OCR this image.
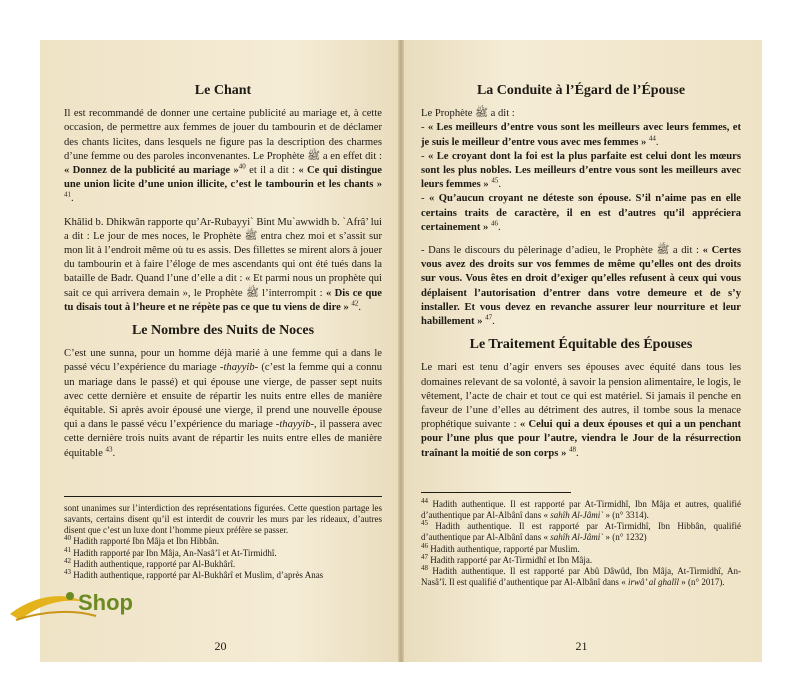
Le Chant

Il est recommandé de donner une certaine publicité au mariage et, à cette occasion, de permettre aux femmes de jouer du tambourin et de déclamer des chants licites, dans lesquels ne figure pas la description des charmes d’une femme ou des paroles inconvenantes. Le Prophète ﷺ a en effet dit : « Donnez de la publicité au mariage »$^{40}$ et il a dit : « Ce qui distingue une union licite d’une union illicite, c’est le tambourin et les chants » $^{41}$.

Khâlid b. Dhikwân rapporte qu’Ar-Rubayyi` Bint Mu`awwidh b. `Afrâ’ lui a dit : Le jour de mes noces, le Prophète ﷺ entra chez moi et s’assit sur mon lit à l’endroit même où tu es assis. Des fillettes se mirent alors à jouer du tambourin et à faire l’éloge de mes ascendants qui ont été tués dans la bataille de Badr. Quand l’une d’elle a dit : « Et parmi nous un prophète qui sait ce qui arrivera demain », le Prophète ﷺ l’interrompit : « Dis ce que tu disais tout à l’heure et ne répète pas ce que tu viens de dire » $^{42}$.

Le Nombre des Nuits de Noces

C’est une sunna, pour un homme déjà marié à une femme qui a dans le passé vécu l’expérience du mariage -thayyib- (c’est la femme qui a connu un mariage dans le passé) et qui épouse une vierge, de passer sept nuits avec cette dernière et ensuite de répartir les nuits entre elles de manière équitable. Si après avoir épousé une vierge, il prend une nouvelle épouse qui a dans le passé vécu l’expérience du mariage -thayyib-, il passera avec cette dernière trois nuits avant de répartir les nuits entre elles de manière équitable $^{43}$.

sont unanimes sur l’interdiction des représentations figurées. Cette question partage les savants, certains disent qu’il est interdit de couvrir les murs par les rideaux, d’autres disent que c’est un luxe dont l’homme pieux préfère se passer.

$^{40}$ Hadith rapporté Ibn Mâja et Ibn Hibbân.

$^{41}$ Hadith rapporté par Ibn Mâja, An-Nasâ’î et At-Tirmidhî.

$^{42}$ Hadith authentique, rapporté par Al-Bukhârî.

$^{43}$ Hadith authentique, rapporté par Al-Bukhârî et Muslim, d’après Anas

20
La Conduite à l’Égard de l’Épouse
Le Prophète ﷺ a dit :
- « Les meilleurs d’entre vous sont les meilleurs avec leurs femmes, et je suis le meilleur d’entre vous avec mes femmes » $^{44}$.
- « Le croyant dont la foi est la plus parfaite est celui dont les mœurs sont les plus nobles. Les meilleurs d’entre vous sont les meilleurs avec leurs femmes » $^{45}$.

- « Qu’aucun croyant ne déteste son épouse. S’il n’aime pas en elle certains traits de caractère, il en est d’autres qu’il appréciera certainement » $^{46}$.

- Dans le discours du pèlerinage d’adieu, le Prophète ﷺ a dit : « Certes vous avez des droits sur vos femmes de même qu’elles ont des droits sur vous. Vous êtes en droit d’exiger qu’elles refusent à ceux qui vous déplaisent l’autorisation d’entrer dans votre demeure et de s’y installer. Et vous devez en revanche assurer leur nourriture et leur habillement » $^{47}$.

Le Traitement Équitable des Épouses

Le mari est tenu d’agir envers ses épouses avec équité dans tous les domaines relevant de sa volonté, à savoir la pension alimentaire, le logis, le vêtement, l’acte de chair et tout ce qui est matériel. Si jamais il penche en faveur de l’une d’elles au détriment des autres, il tombe sous la menace prophétique suivante : « Celui qui a deux épouses et qui a un penchant pour l’une plus que pour l’autre, viendra le Jour de la résurrection traînant la moitié de son corps » $^{48}$.

$^{44}$ Hadith authentique. Il est rapporté par At-Tirmidhî, Ibn Mâja et autres, qualifié d’authentique par Al-Albânî dans « sahîh Al-Jâmi` » (n° 3314).

$^{45}$ Hadith authentique. Il est rapporté par At-Tirmidhî, Ibn Hibbân, qualifié d’authentique par Al-Albânî dans « sahîh Al-Jâmi` » (n° 1232)

$^{46}$ Hadith authentique, rapporté par Muslim.

$^{47}$ Hadith rapporté par At-Tirmidhî et Ibn Mâja.

$^{48}$ Hadith authentique. Il est rapporté par Abû Dâwûd, Ibn Mâja, At-Tirmidhî, An-Nasâ’î. Il est qualifié d’authentique par Al-Albânî dans « irwâ’ al ghalîl » (n° 2017).

21
Shop
